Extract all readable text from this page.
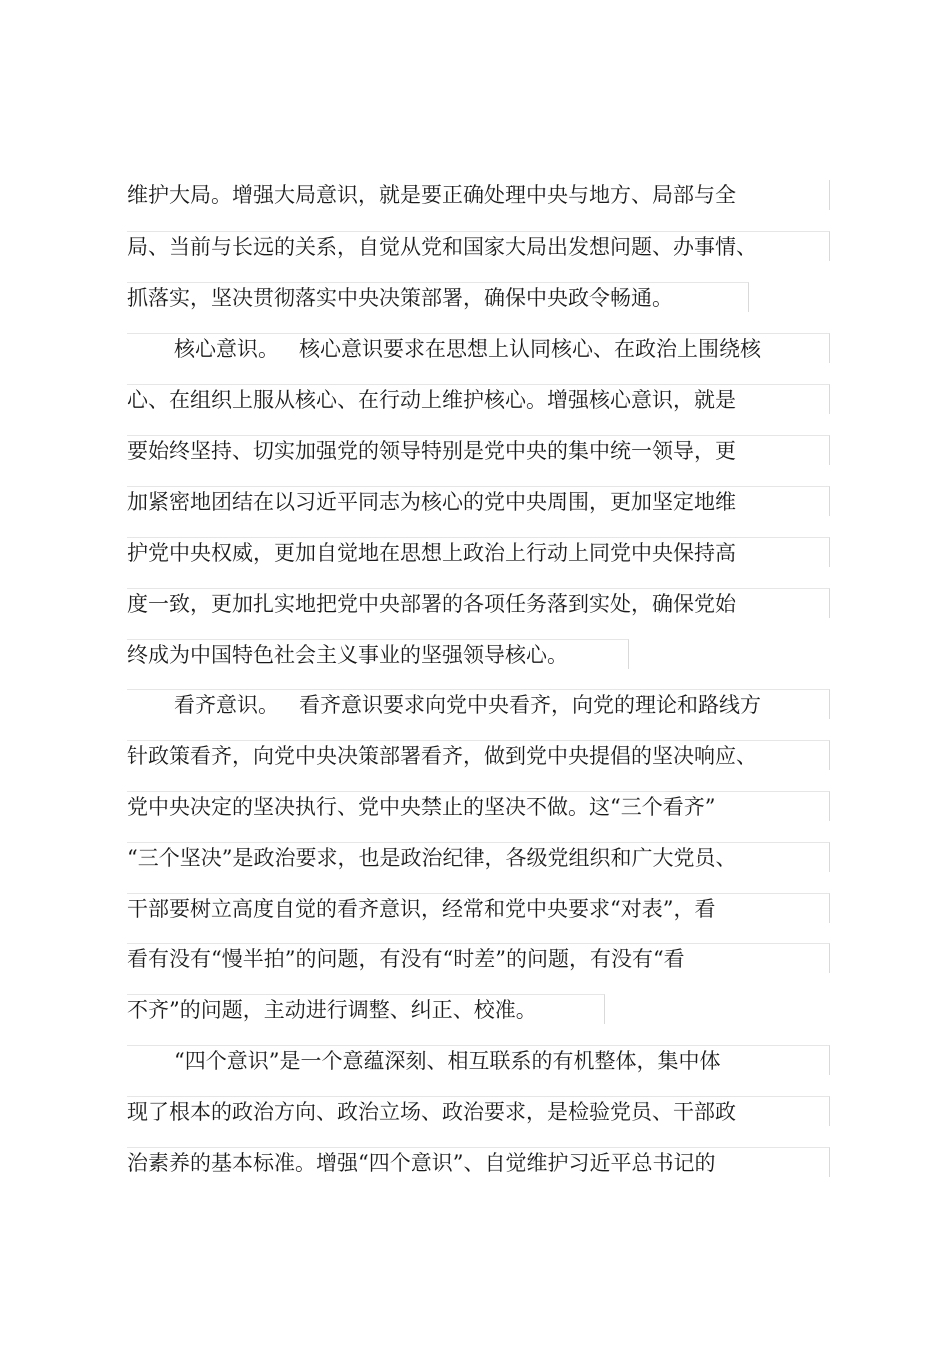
维护大局。增强大局意识，就是要正确处理中央与地方、局部与全
局、当前与长远的关系，自觉从党和国家大局出发想问题、办事情、
抓落实，坚决贯彻落实中央决策部署，确保中央政令畅通。
核心意识。 核心意识要求在思想上认同核心、在政治上围绕核
心、在组织上服从核心、在行动上维护核心。增强核心意识，就是
要始终坚持、切实加强党的领导特别是党中央的集中统一领导，更
加紧密地团结在以习近平同志为核心的党中央周围，更加坚定地维
护党中央权威，更加自觉地在思想上政治上行动上同党中央保持高
度一致，更加扎实地把党中央部署的各项任务落到实处，确保党始
终成为中国特色社会主义事业的坚强领导核心。
看齐意识。 看齐意识要求向党中央看齐，向党的理论和路线方
针政策看齐，向党中央决策部署看齐，做到党中央提倡的坚决响应、
党中央决定的坚决执行、党中央禁止的坚决不做。这“三个看齐”
“三个坚决”是政治要求，也是政治纪律，各级党组织和广大党员、
干部要树立高度自觉的看齐意识，经常和党中央要求“对表”，看
看有没有“慢半拍”的问题，有没有“时差”的问题，有没有“看
不齐”的问题，主动进行调整、纠正、校准。
“四个意识”是一个意蕴深刻、相互联系的有机整体，集中体
现了根本的政治方向、政治立场、政治要求，是检验党员、干部政
治素养的基本标准。增强“四个意识”、自觉维护习近平总书记的
